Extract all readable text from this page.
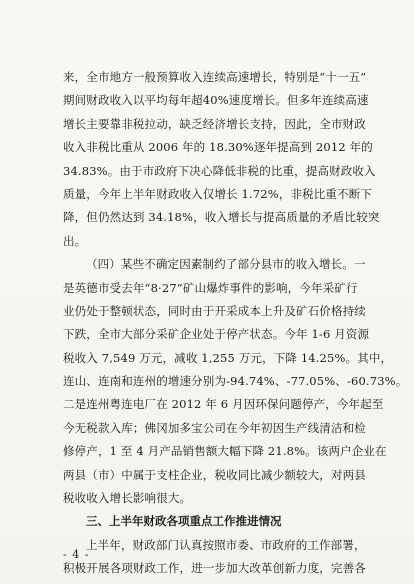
来，全市地方一般预算收入连续高速增长，特别是“十一五”
期间财政收入以平均每年超40%速度增长。但多年连续高速
增长主要靠非税拉动，缺乏经济增长支持，因此，全市财政
收入非税比重从 2006 年的 18.30%逐年提高到 2012 年的
34.83%。由于市政府下决心降低非税的比重，提高财政收入
质量，今年上半年财政收入仅增长 1.72%，非税比重不断下
降，但仍然达到 34.18%，收入增长与提高质量的矛盾比较突
出。
（四）某些不确定因素制约了部分县市的收入增长。一
是英德市受去年“8·27”矿山爆炸事件的影响，今年采矿行
业仍处于整顿状态，同时由于开采成本上升及矿石价格持续
下跌，全市大部分采矿企业处于停产状态。今年 1-6 月资源
税收入 7,549 万元，减收 1,255 万元，下降 14.25%。其中，
连山、连南和连州的增速分别为-94.74%、-77.05%、-60.73%。
二是连州粤连电厂在 2012 年 6 月因环保问题停产，今年起至
今无税款入库；佛冈加多宝公司在今年初因生产线清洁和检
修停产，1 至 4 月产品销售额大幅下降 21.8%。该两户企业在
两县（市）中属于支柱企业，税收同比减少额较大，对两县
税收收入增长影响很大。
三、上半年财政各项重点工作推进情况
上半年，财政部门认真按照市委、市政府的工作部署，
积极开展各项财政工作，进一步加大改革创新力度，完善各
- 4 -
